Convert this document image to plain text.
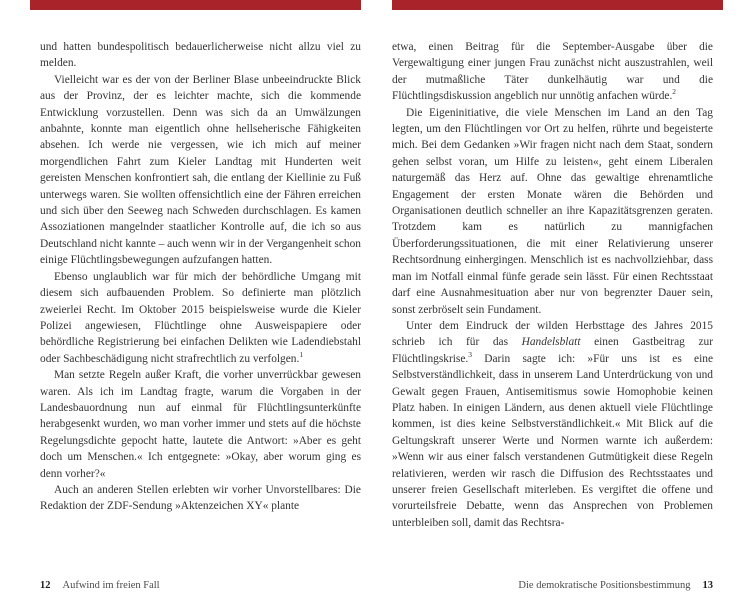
und hatten bundespolitisch bedauerlicherweise nicht allzu viel zu melden.

Vielleicht war es der von der Berliner Blase unbeeindruckte Blick aus der Provinz, der es leichter machte, sich die kommende Entwicklung vorzustellen. Denn was sich da an Umwälzungen anbahnte, konnte man eigentlich ohne hellseherische Fähigkeiten absehen. Ich werde nie vergessen, wie ich mich auf meiner morgendlichen Fahrt zum Kieler Landtag mit Hunderten weit gereisten Menschen konfrontiert sah, die entlang der Kiellinie zu Fuß unterwegs waren. Sie wollten offensichtlich eine der Fähren erreichen und sich über den Seeweg nach Schweden durchschlagen. Es kamen Assoziationen mangelnder staatlicher Kontrolle auf, die ich so aus Deutschland nicht kannte – auch wenn wir in der Vergangenheit schon einige Flüchtlingsbewegungen aufzufangen hatten.

Ebenso unglaublich war für mich der behördliche Umgang mit diesem sich aufbauenden Problem. So definierte man plötzlich zweierlei Recht. Im Oktober 2015 beispielsweise wurde die Kieler Polizei angewiesen, Flüchtlinge ohne Ausweispapiere oder behördliche Registrierung bei einfachen Delikten wie Ladendiebstahl oder Sachbeschädigung nicht strafrechtlich zu verfolgen.$^1$

Man setzte Regeln außer Kraft, die vorher unverrückbar gewesen waren. Als ich im Landtag fragte, warum die Vorgaben in der Landesbauordnung nun auf einmal für Flüchtlingsunterkünfte herabgesenkt wurden, wo man vorher immer und stets auf die höchste Regelungsdichte gepocht hatte, lautete die Antwort: »Aber es geht doch um Menschen.« Ich entgegnete: »Okay, aber worum ging es denn vorher?«

Auch an anderen Stellen erlebten wir vorher Unvorstellbares: Die Redaktion der ZDF-Sendung »Aktenzeichen XY« plante

12 Aufwind im freien Fall

etwa, einen Beitrag für die September-Ausgabe über die Vergewaltigung einer jungen Frau zunächst nicht auszustrahlen, weil der mutmaßliche Täter dunkelhäutig war und die Flüchtlingsdiskussion angeblich nur unnötig anfachen würde.$^2$

Die Eigeninitiative, die viele Menschen im Land an den Tag legten, um den Flüchtlingen vor Ort zu helfen, rührte und begeisterte mich. Bei dem Gedanken »Wir fragen nicht nach dem Staat, sondern gehen selbst voran, um Hilfe zu leisten«, geht einem Liberalen naturgemäß das Herz auf. Ohne das gewaltige ehrenamtliche Engagement der ersten Monate wären die Behörden und Organisationen deutlich schneller an ihre Kapazitätsgrenzen geraten. Trotzdem kam es natürlich zu mannigfachen Überforderungssituationen, die mit einer Relativierung unserer Rechtsordnung einhergingen. Menschlich ist es nachvollziehbar, dass man im Notfall einmal fünfe gerade sein lässt. Für einen Rechtsstaat darf eine Ausnahmesituation aber nur von begrenzter Dauer sein, sonst zerbröselt sein Fundament.

Unter dem Eindruck der wilden Herbsttage des Jahres 2015 schrieb ich für das Handelsblatt einen Gastbeitrag zur Flüchtlingskrise.$^3$ Darin sagte ich: »Für uns ist es eine Selbstverständlichkeit, dass in unserem Land Unterdrückung von und Gewalt gegen Frauen, Antisemitismus sowie Homophobie keinen Platz haben. In einigen Ländern, aus denen aktuell viele Flüchtlinge kommen, ist dies keine Selbstverständlichkeit.« Mit Blick auf die Geltungskraft unserer Werte und Normen warnte ich außerdem: »Wenn wir aus einer falsch verstandenen Gutmütigkeit diese Regeln relativieren, werden wir rasch die Diffusion des Rechtsstaates und unserer freien Gesellschaft miterleben. Es vergiftet die offene und vorurteilsfreie Debatte, wenn das Ansprechen von Problemen unterbleiben soll, damit das Rechtsra-

Die demokratische Positionsbestimmung 13
